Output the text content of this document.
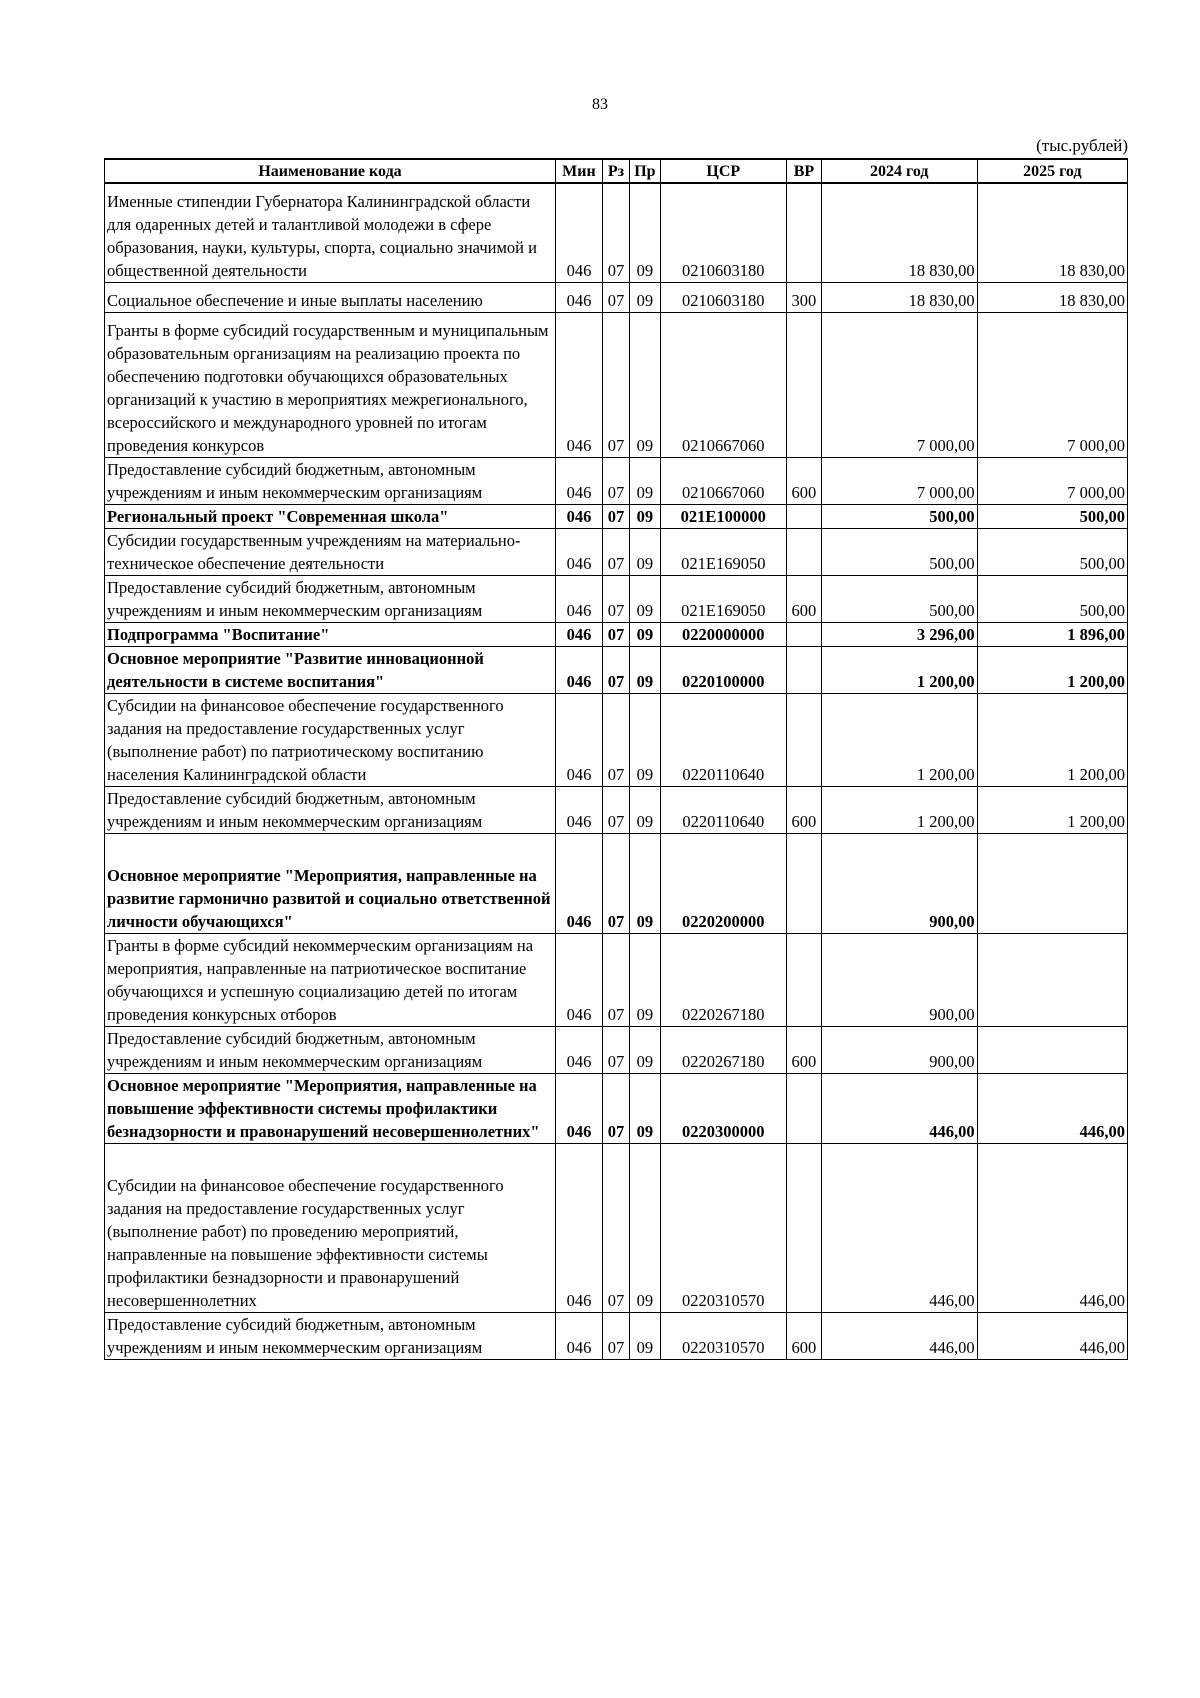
83
(тыс.рублей)
Наименование кода	Мин	Рз	Пр	ЦСР	ВР	2024 год	2025 год
Именные стипендии Губернатора Калининградской области для одаренных детей и талантливой молодежи в сфере образования, науки, культуры, спорта, социально значимой и общественной деятельности	046	07	09	0210603180		18 830,00	18 830,00
Социальное обеспечение и иные выплаты населению	046	07	09	0210603180	300	18 830,00	18 830,00
Гранты в форме субсидий государственным и муниципальным образовательным организациям на реализацию проекта по обеспечению подготовки обучающихся образовательных организаций к участию в мероприятиях межрегионального, всероссийского и международного уровней по итогам проведения конкурсов	046	07	09	0210667060		7 000,00	7 000,00
Предоставление субсидий бюджетным, автономным учреждениям и иным некоммерческим организациям	046	07	09	0210667060	600	7 000,00	7 000,00
Региональный проект "Современная школа"	046	07	09	021E100000		500,00	500,00
Субсидии государственным учреждениям на материально-техническое обеспечение деятельности	046	07	09	021E169050		500,00	500,00
Предоставление субсидий бюджетным, автономным учреждениям и иным некоммерческим организациям	046	07	09	021E169050	600	500,00	500,00
Подпрограмма "Воспитание"	046	07	09	0220000000		3 296,00	1 896,00
Основное мероприятие "Развитие инновационной деятельности в системе воспитания"	046	07	09	0220100000		1 200,00	1 200,00
Субсидии на финансовое обеспечение государственного задания на предоставление государственных услуг (выполнение работ) по патриотическому воспитанию населения Калининградской области	046	07	09	0220110640		1 200,00	1 200,00
Предоставление субсидий бюджетным, автономным учреждениям и иным некоммерческим организациям	046	07	09	0220110640	600	1 200,00	1 200,00
Основное мероприятие "Мероприятия, направленные на развитие гармонично развитой и социально ответственной личности обучающихся"	046	07	09	0220200000		900,00	
Гранты в форме субсидий некоммерческим организациям на мероприятия, направленные на патриотическое воспитание обучающихся и успешную социализацию детей по итогам проведения конкурсных отборов	046	07	09	0220267180		900,00	
Предоставление субсидий бюджетным, автономным учреждениям и иным некоммерческим организациям	046	07	09	0220267180	600	900,00	
Основное мероприятие "Мероприятия, направленные на повышение эффективности системы профилактики безнадзорности и правонарушений несовершеннолетних"	046	07	09	0220300000		446,00	446,00
Субсидии на финансовое обеспечение государственного задания на предоставление государственных услуг (выполнение работ) по проведению мероприятий, направленные на повышение эффективности системы профилактики безнадзорности и правонарушений несовершеннолетних	046	07	09	0220310570		446,00	446,00
Предоставление субсидий бюджетным, автономным учреждениям и иным некоммерческим организациям	046	07	09	0220310570	600	446,00	446,00
